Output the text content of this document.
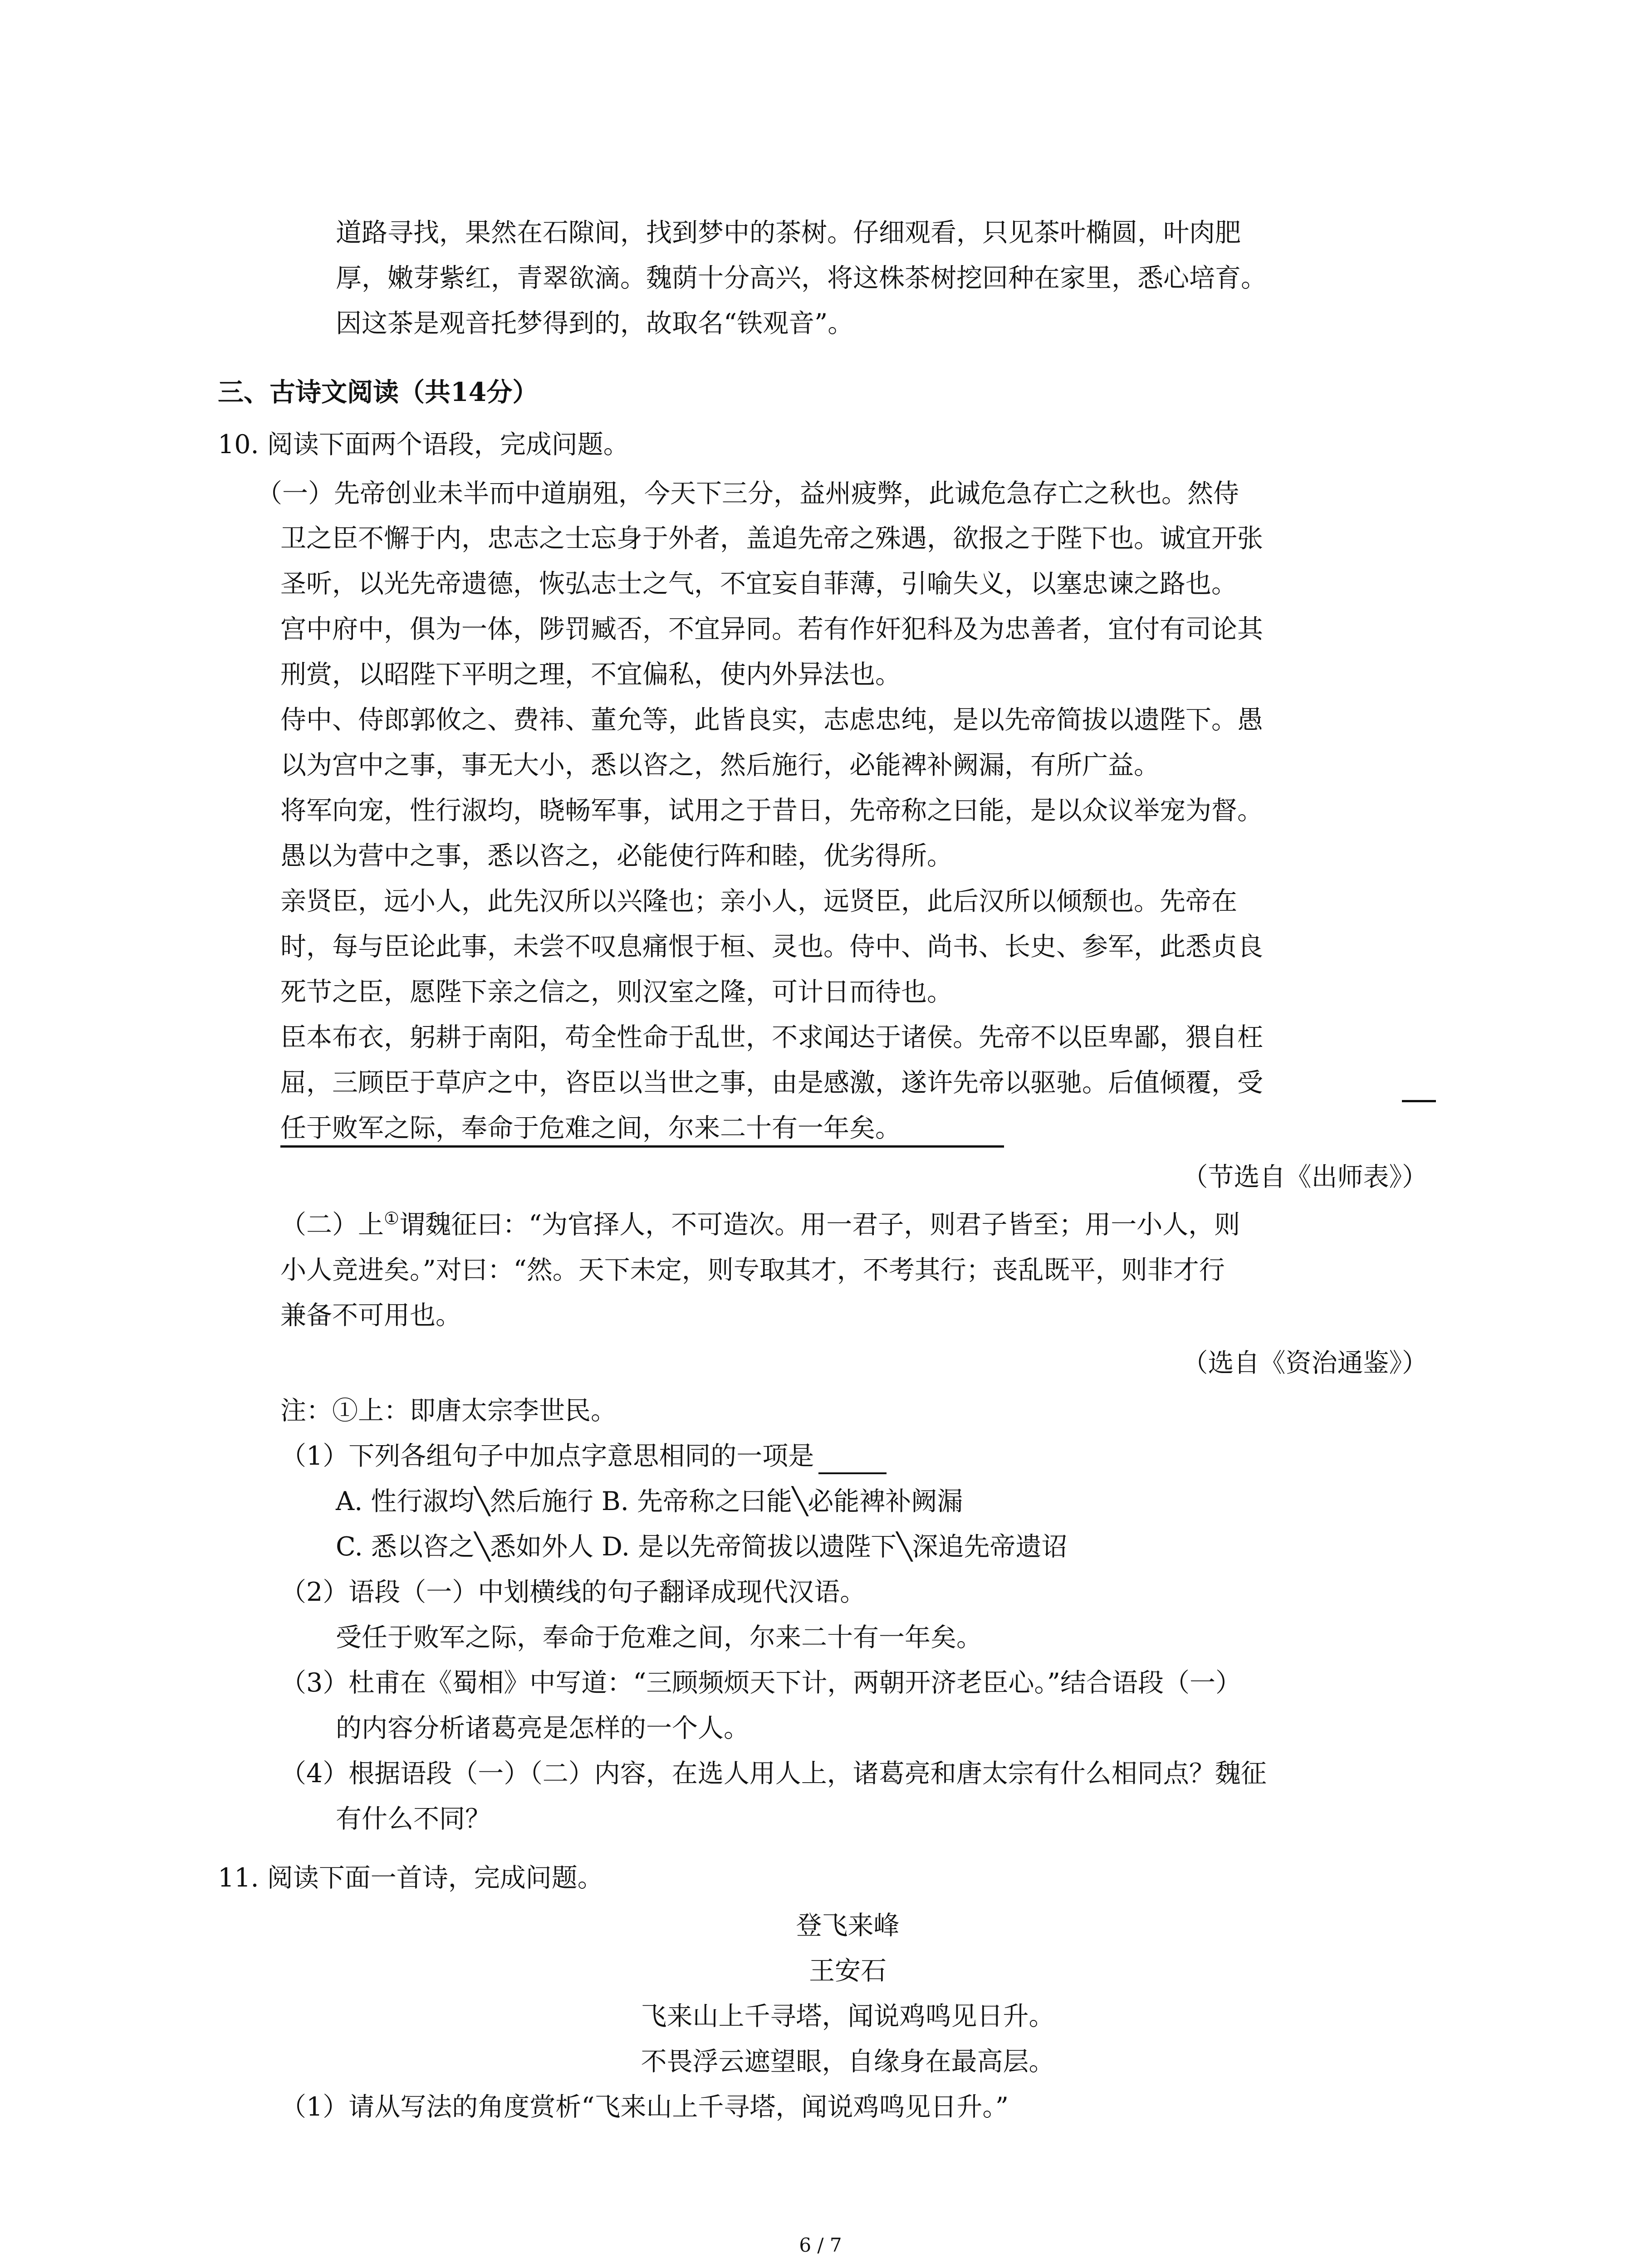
道路寻找，果然在石隙间，找到梦中的茶树。仔细观看，只见茶叶椭圆，叶肉肥
厚，嫩芽紫红，青翠欲滴。魏荫十分高兴，将这株茶树挖回种在家里，悉心培育。
因这茶是观音托梦得到的，故取名“铁观音”。
三、古诗文阅读（共14分）
10. 阅读下面两个语段，完成问题。
（一）先帝创业未半而中道崩殂，今天下三分，益州疲弊，此诚危急存亡之秋也。然侍
卫之臣不懈于内，忠志之士忘身于外者，盖追先帝之殊遇，欲报之于陛下也。诚宜开张
圣听，以光先帝遗德，恢弘志士之气，不宜妄自菲薄，引喻失义，以塞忠谏之路也。
宫中府中，俱为一体，陟罚臧否，不宜异同。若有作奸犯科及为忠善者，宜付有司论其
刑赏，以昭陛下平明之理，不宜偏私，使内外异法也。
侍中、侍郎郭攸之、费祎、董允等，此皆良实，志虑忠纯，是以先帝简拔以遗陛下。愚
以为宫中之事，事无大小，悉以咨之，然后施行，必能裨补阙漏，有所广益。
将军向宠，性行淑均，晓畅军事，试用之于昔日，先帝称之曰能，是以众议举宠为督。
愚以为营中之事，悉以咨之，必能使行阵和睦，优劣得所。
亲贤臣，远小人，此先汉所以兴隆也；亲小人，远贤臣，此后汉所以倾颓也。先帝在
时，每与臣论此事，未尝不叹息痛恨于桓、灵也。侍中、尚书、长史、参军，此悉贞良
死节之臣，愿陛下亲之信之，则汉室之隆，可计日而待也。
臣本布衣，躬耕于南阳，苟全性命于乱世，不求闻达于诸侯。先帝不以臣卑鄙，猥自枉
屈，三顾臣于草庐之中，咨臣以当世之事，由是感激，遂许先帝以驱驰。后值倾覆，受
任于败军之际，奉命于危难之间，尔来二十有一年矣。
（节选自《出师表》）
（二）上①谓魏征曰：“为官择人，不可造次。用一君子，则君子皆至；用一小人，则
小人竞进矣。”对曰：“然。天下未定，则专取其才，不考其行；丧乱既平，则非才行
兼备不可用也。
（选自《资治通鉴》）
注：①上：即唐太宗李世民。
（1）下列各组句子中加点字意思相同的一项是
A. 性行淑均╲然后施行 B. 先帝称之曰能╲必能裨补阙漏
C. 悉以咨之╲悉如外人 D. 是以先帝简拔以遗陛下╲深追先帝遗诏
（2）语段（一）中划横线的句子翻译成现代汉语。
受任于败军之际，奉命于危难之间，尔来二十有一年矣。
（3）杜甫在《蜀相》中写道：“三顾频烦天下计，两朝开济老臣心。”结合语段（一）
的内容分析诸葛亮是怎样的一个人。
（4）根据语段（一）（二）内容，在选人用人上，诸葛亮和唐太宗有什么相同点？魏征
有什么不同？
11. 阅读下面一首诗，完成问题。
登飞来峰
王安石
飞来山上千寻塔，闻说鸡鸣见日升。
不畏浮云遮望眼，自缘身在最高层。
（1）请从写法的角度赏析“飞来山上千寻塔，闻说鸡鸣见日升。”
6 / 7
